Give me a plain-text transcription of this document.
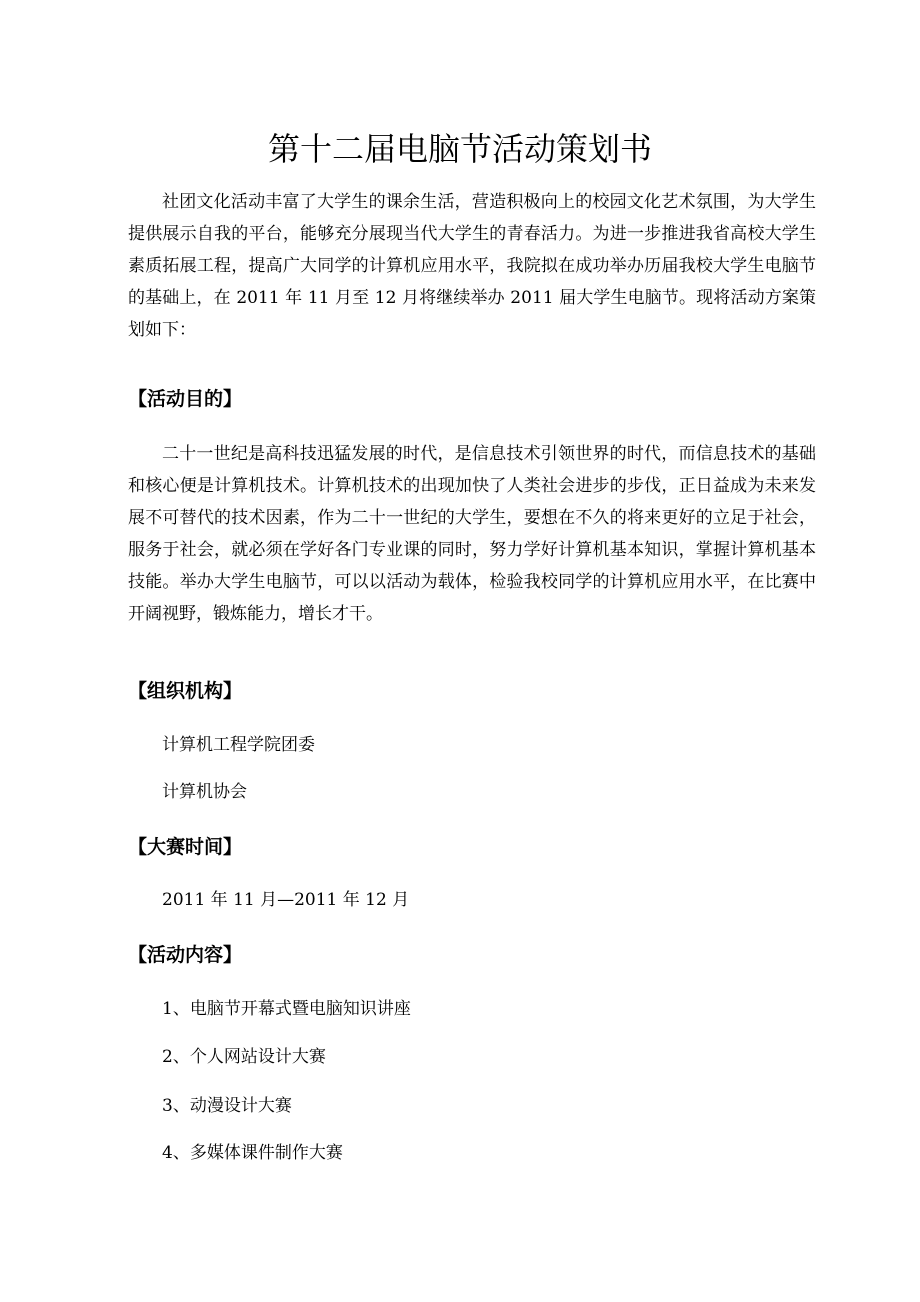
第十二届电脑节活动策划书

社团文化活动丰富了大学生的课余生活，营造积极向上的校园文化艺术氛围，为大学生提供展示自我的平台，能够充分展现当代大学生的青春活力。为进一步推进我省高校大学生素质拓展工程，提高广大同学的计算机应用水平，我院拟在成功举办历届我校大学生电脑节的基础上，在 2011 年 11 月至 12 月将继续举办 2011 届大学生电脑节。现将活动方案策划如下：

【活动目的】

二十一世纪是高科技迅猛发展的时代，是信息技术引领世界的时代，而信息技术的基础和核心便是计算机技术。计算机技术的出现加快了人类社会进步的步伐，正日益成为未来发展不可替代的技术因素，作为二十一世纪的大学生，要想在不久的将来更好的立足于社会，服务于社会，就必须在学好各门专业课的同时，努力学好计算机基本知识，掌握计算机基本技能。举办大学生电脑节，可以以活动为载体，检验我校同学的计算机应用水平，在比赛中开阔视野，锻炼能力，增长才干。

【组织机构】

计算机工程学院团委

计算机协会

【大赛时间】

2011 年 11 月—2011 年 12 月

【活动内容】

1、电脑节开幕式暨电脑知识讲座

2、个人网站设计大赛

3、动漫设计大赛

4、多媒体课件制作大赛
